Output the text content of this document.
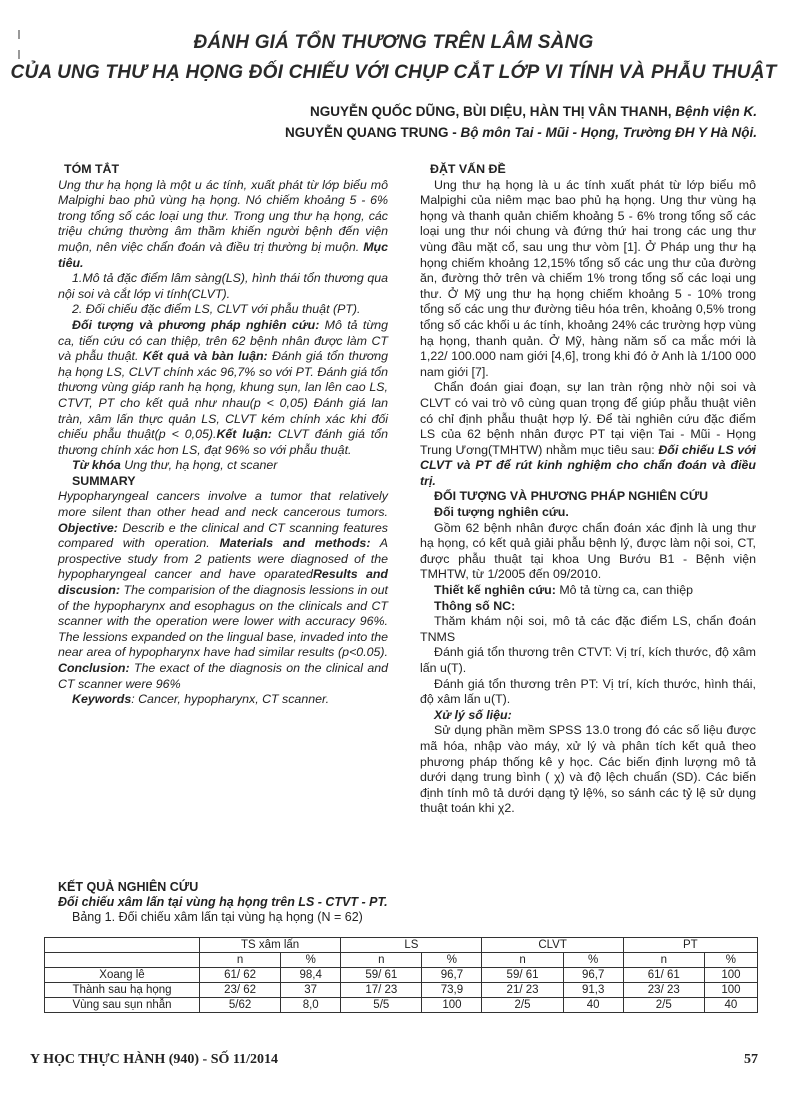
ĐÁNH GIÁ TỔN THƯƠNG TRÊN LÂM SÀNG
CỦA UNG THƯ HẠ HỌNG ĐỐI CHIẾU VỚI CHỤP CẮT LỚP VI TÍNH VÀ PHẪU THUẬT
NGUYỄN QUỐC DŨNG, BÙI DIỆU, HÀN THỊ VÂN THANH, Bệnh viện K.
NGUYỄN QUANG TRUNG - Bộ môn Tai - Mũi - Họng, Trường ĐH Y Hà Nội.

TÓM TẮT

Ung thư hạ họng là một u ác tính, xuất phát từ lớp biểu mô Malpighi bao phủ vùng hạ họng. Nó chiếm khoảng 5 - 6% trong tổng số các loại ung thư. Trong ung thư hạ họng, các triệu chứng thường âm thầm khiến người bệnh đến viện muộn, nên việc chẩn đoán và điều trị thường bị muộn. Mục tiêu.

1.Mô tả đặc điểm lâm sàng(LS), hình thái tổn thương qua nội soi và cắt lớp vi tính(CLVT).

2. Đối chiếu đặc điểm LS, CLVT với phẫu thuật (PT).

Đối tượng và phương pháp nghiên cứu: Mô tả từng ca, tiến cứu có can thiệp, trên 62 bệnh nhân được làm CT và phẫu thuật. Kết quả và bàn luận: Đánh giá tổn thương hạ họng LS, CLVT chính xác 96,7% so với PT. Đánh giá tổn thương vùng giáp ranh hạ họng, khung sụn, lan lên cao LS, CTVT, PT cho kết quả như nhau(p < 0,05) Đánh giá lan tràn, xâm lấn thực quản LS, CLVT kém chính xác khi đối chiếu phẫu thuật(p < 0,05).Kết luận: CLVT đánh giá tổn thương chính xác hơn LS, đạt 96% so với phẫu thuật.

Từ khóa Ung thư, hạ họng, ct scaner

SUMMARY

Hypopharyngeal cancers involve a tumor that relatively more silent than other head and neck cancerous tumors. Objective: Describ e the clinical and CT scanning features compared with operation. Materials and methods: A prospective study from 2 patients were diagnosed of the hypopharyngeal cancer and have oparatedResults and discusion: The comparision of the diagnosis lessions in out of the hypopharynx and esophagus on the clinicals and CT scanner with the operation were lower with accuracy 96%. The lessions expanded on the lingual base, invaded into the near area of hypopharynx have had similar results (p<0.05). Conclusion: The exact of the diagnosis on the clinical and CT scanner were 96%

Keywords: Cancer, hypopharynx, CT scanner.

ĐẶT VẤN ĐỀ

Ung thư hạ họng là u ác tính xuất phát từ lớp biểu mô Malpighi của niêm mạc bao phủ hạ họng. Ung thư vùng hạ họng và thanh quản chiếm khoảng 5 - 6% trong tổng số các loại ung thư nói chung và đứng thứ hai trong các ung thư vùng đầu mặt cổ, sau ung thư vòm [1]. Ở Pháp ung thư hạ họng chiếm khoảng 12,15% tổng số các ung thư của đường ăn, đường thở trên và chiếm 1% trong tổng số các loại ung thư. Ở Mỹ ung thư hạ họng chiếm khoảng 5 - 10% trong tổng số các ung thư đường tiêu hóa trên, khoảng 0,5% trong tổng số các khối u ác tính, khoảng 24% các trường hợp vùng hạ họng, thanh quản. Ở Mỹ, hàng năm số ca mắc mới là 1,22/ 100.000 nam giới [4,6], trong khi đó ở Anh là 1/100 000 nam giới [7].

Chẩn đoán giai đoạn, sự lan tràn rộng nhờ nội soi và CLVT có vai trò vô cùng quan trọng để giúp phẫu thuật viên có chỉ định phẫu thuật hợp lý. Để tài nghiên cứu đặc điểm LS của 62 bệnh nhân được PT tại viện Tai - Mũi - Họng Trung Ương(TMHTW) nhằm mục tiêu sau: Đối chiếu LS với CLVT và PT để rút kinh nghiệm cho chẩn đoán và điều trị.

ĐỐI TƯỢNG VÀ PHƯƠNG PHÁP NGHIÊN CỨU

Đối tượng nghiên cứu.

Gồm 62 bệnh nhân được chẩn đoán xác định là ung thư hạ họng, có kết quả giải phẫu bệnh lý, được làm nội soi, CT, được phẫu thuật tại khoa Ung Bướu B1 - Bệnh viện TMHTW, từ 1/2005 đến 09/2010.

Thiết kế nghiên cứu: Mô tả từng ca, can thiệp

Thông số NC:

Thăm khám nội soi, mô tả các đặc điểm LS, chẩn đoán TNMS

Đánh giá tổn thương trên CTVT: Vị trí, kích thước, độ xâm lấn u(T).

Đánh giá tổn thương trên PT: Vị trí, kích thước, hình thái, độ xâm lấn u(T).

Xử lý số liệu:

Sử dụng phần mềm SPSS 13.0 trong đó các số liệu được mã hóa, nhập vào máy, xử lý và phân tích kết quả theo phương pháp thống kê y học. Các biến định lượng mô tả dưới dạng trung bình ( χ) và độ lệch chuẩn (SD). Các biến định tính mô tả dưới dạng tỷ lệ%, so sánh các tỷ lệ sử dụng thuật toán khi χ2.

KẾT QUẢ NGHIÊN CỨU
Đối chiếu xâm lấn tại vùng hạ họng trên LS - CTVT - PT.
Bảng 1. Đối chiếu xâm lấn tại vùng hạ họng (N = 62)
	TS xâm lấn		LS		CLVT		PT	
	n	%	n	%	n	%	n	%
Xoang lê	61/ 62	98,4	59/ 61	96,7	59/ 61	96,7	61/ 61	100
Thành sau hạ họng	23/ 62	37	17/ 23	73,9	21/ 23	91,3	23/ 23	100
Vùng sau sụn nhẫn	5/62	8,0	5/5	100	2/5	40	2/5	40
Y HỌC THỰC HÀNH (940) - SỐ 11/2014	57
